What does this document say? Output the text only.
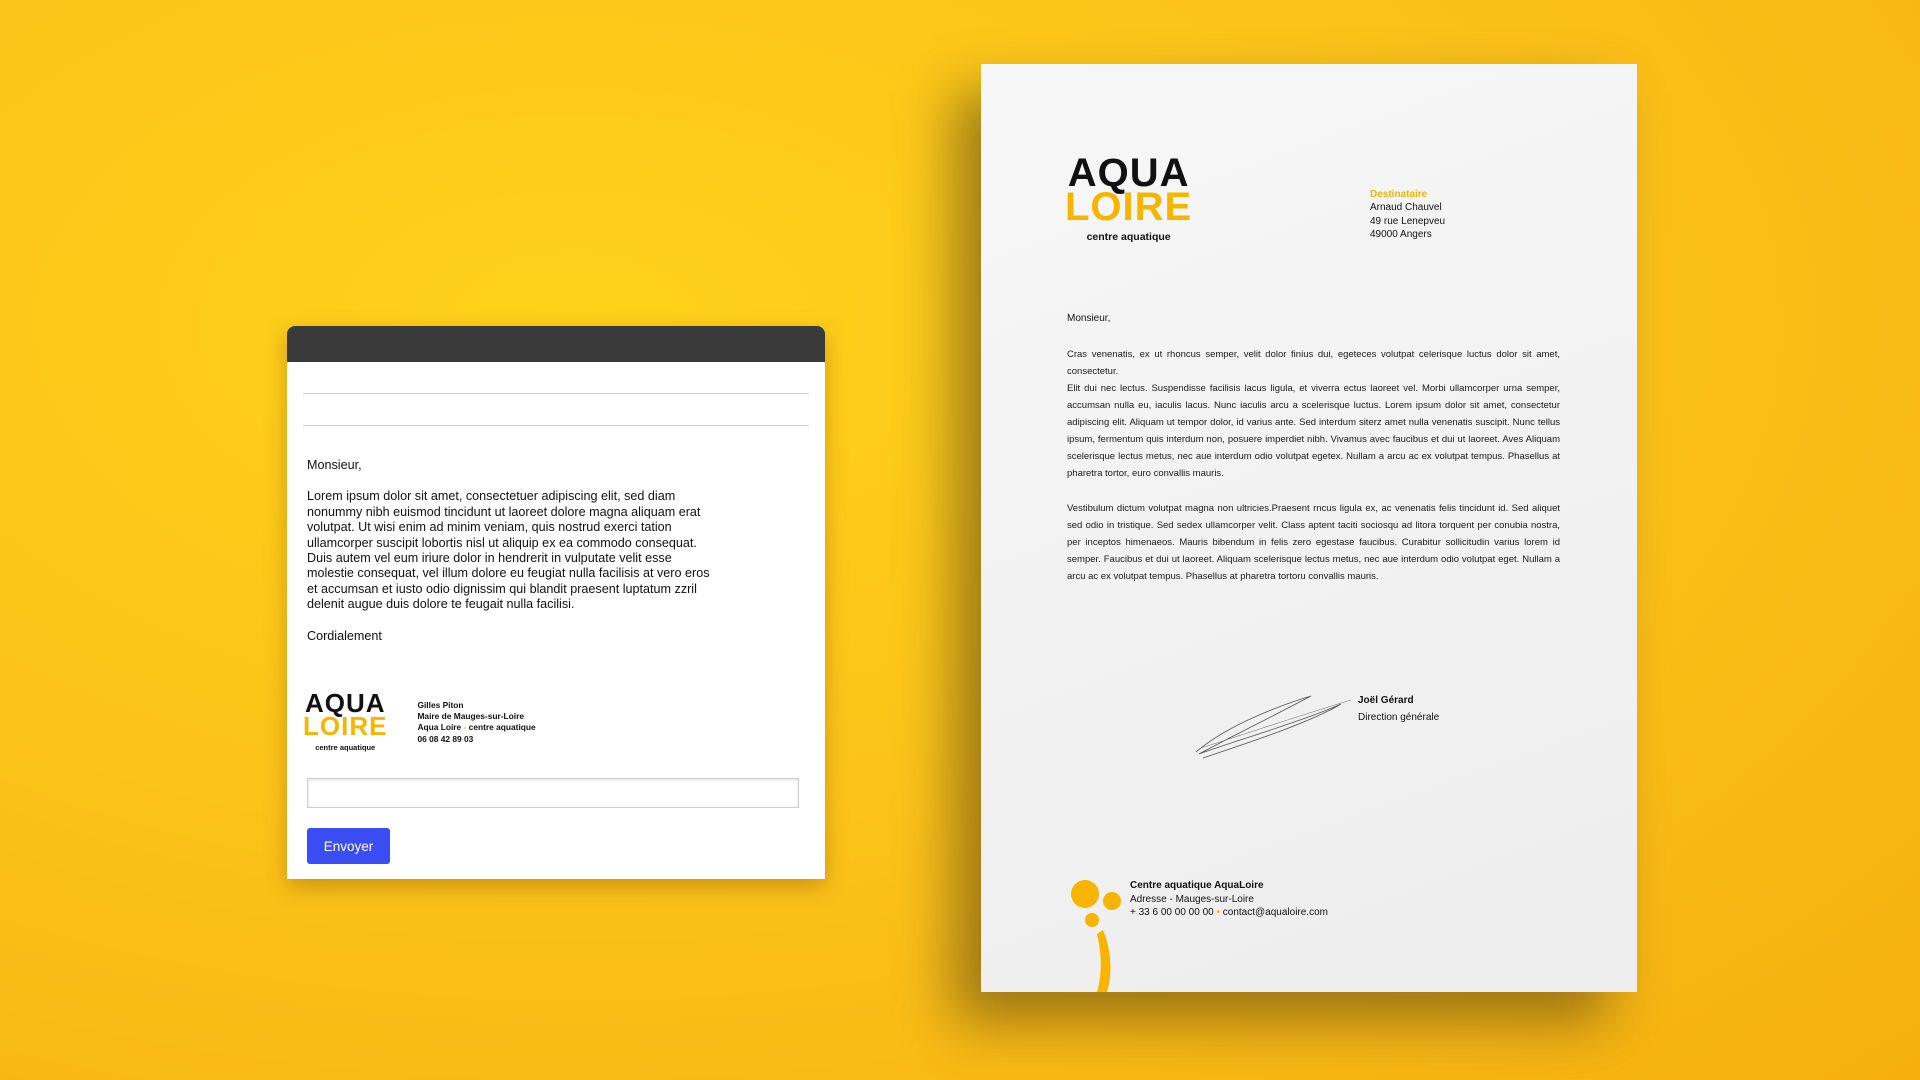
Monsieur,

Lorem ipsum dolor sit amet, consectetuer adipiscing elit, sed diam
nonummy nibh euismod tincidunt ut laoreet dolore magna aliquam erat
volutpat. Ut wisi enim ad minim veniam, quis nostrud exerci tation
ullamcorper suscipit lobortis nisl ut aliquip ex ea commodo consequat.
Duis autem vel eum iriure dolor in hendrerit in vulputate velit esse
molestie consequat, vel illum dolore eu feugiat nulla facilisis at vero eros
et accumsan et iusto odio dignissim qui blandit praesent luptatum zzril
delenit augue duis dolore te feugait nulla facilisi.

Cordialement

AQUA
LOIRE
centre aquatique
Gilles Piton
Maire de Mauges-sur-Loire
Aqua Loire - centre aquatique
06 08 42 89 03
Envoyer
AQUA
LOIRE
centre aquatique
Destinataire
Arnaud Chauvel
49 rue Lenepveu
49000 Angers
Monsieur,
Cras venenatis, ex ut rhoncus semper, velit dolor finius dui, egeteces volutpat celerisque luctus dolor sit amet, consectetur.
Elit dui nec lectus. Suspendisse facilisis lacus ligula, et viverra ectus laoreet vel. Morbi ullamcorper urna semper, accumsan nulla eu, iaculis lacus. Nunc iaculis arcu a scelerisque luctus. Lorem ipsum dolor sit amet, consectetur adipiscing elit. Aliquam ut tempor dolor, id varius ante. Sed interdum siterz amet nulla venenatis suscipit. Nunc tellus ipsum, fermentum quis interdum non, posuere imperdiet nibh. Vivamus avec faucibus et dui ut laoreet. Aves Aliquam scelerisque lectus metus, nec aue interdum odio volutpat egetex. Nullam a arcu ac ex volutpat tempus. Phasellus at pharetra tortor, euro convallis mauris.
Vestibulum dictum volutpat magna non ultricies.Praesent rncus ligula ex, ac venenatis felis tincidunt id. Sed aliquet sed odio in tristique. Sed sedex ullamcorper velit. Class aptent taciti sociosqu ad litora torquent per conubia nostra, per inceptos himenaeos. Mauris bibendum in felis zero egestase faucibus. Curabitur sollicitudin varius lorem id semper. Faucibus et dui ut laoreet. Aliquam scelerisque lectus metus, nec aue interdum odio volutpat eget. Nullam a arcu ac ex volutpat tempus. Phasellus at pharetra tortoru convallis mauris.
Joël Gérard
Direction générale
Centre aquatique AquaLoire
Adresse - Mauges-sur-Loire
+ 33 6 00 00 00 00 • contact@aqualoire.com
